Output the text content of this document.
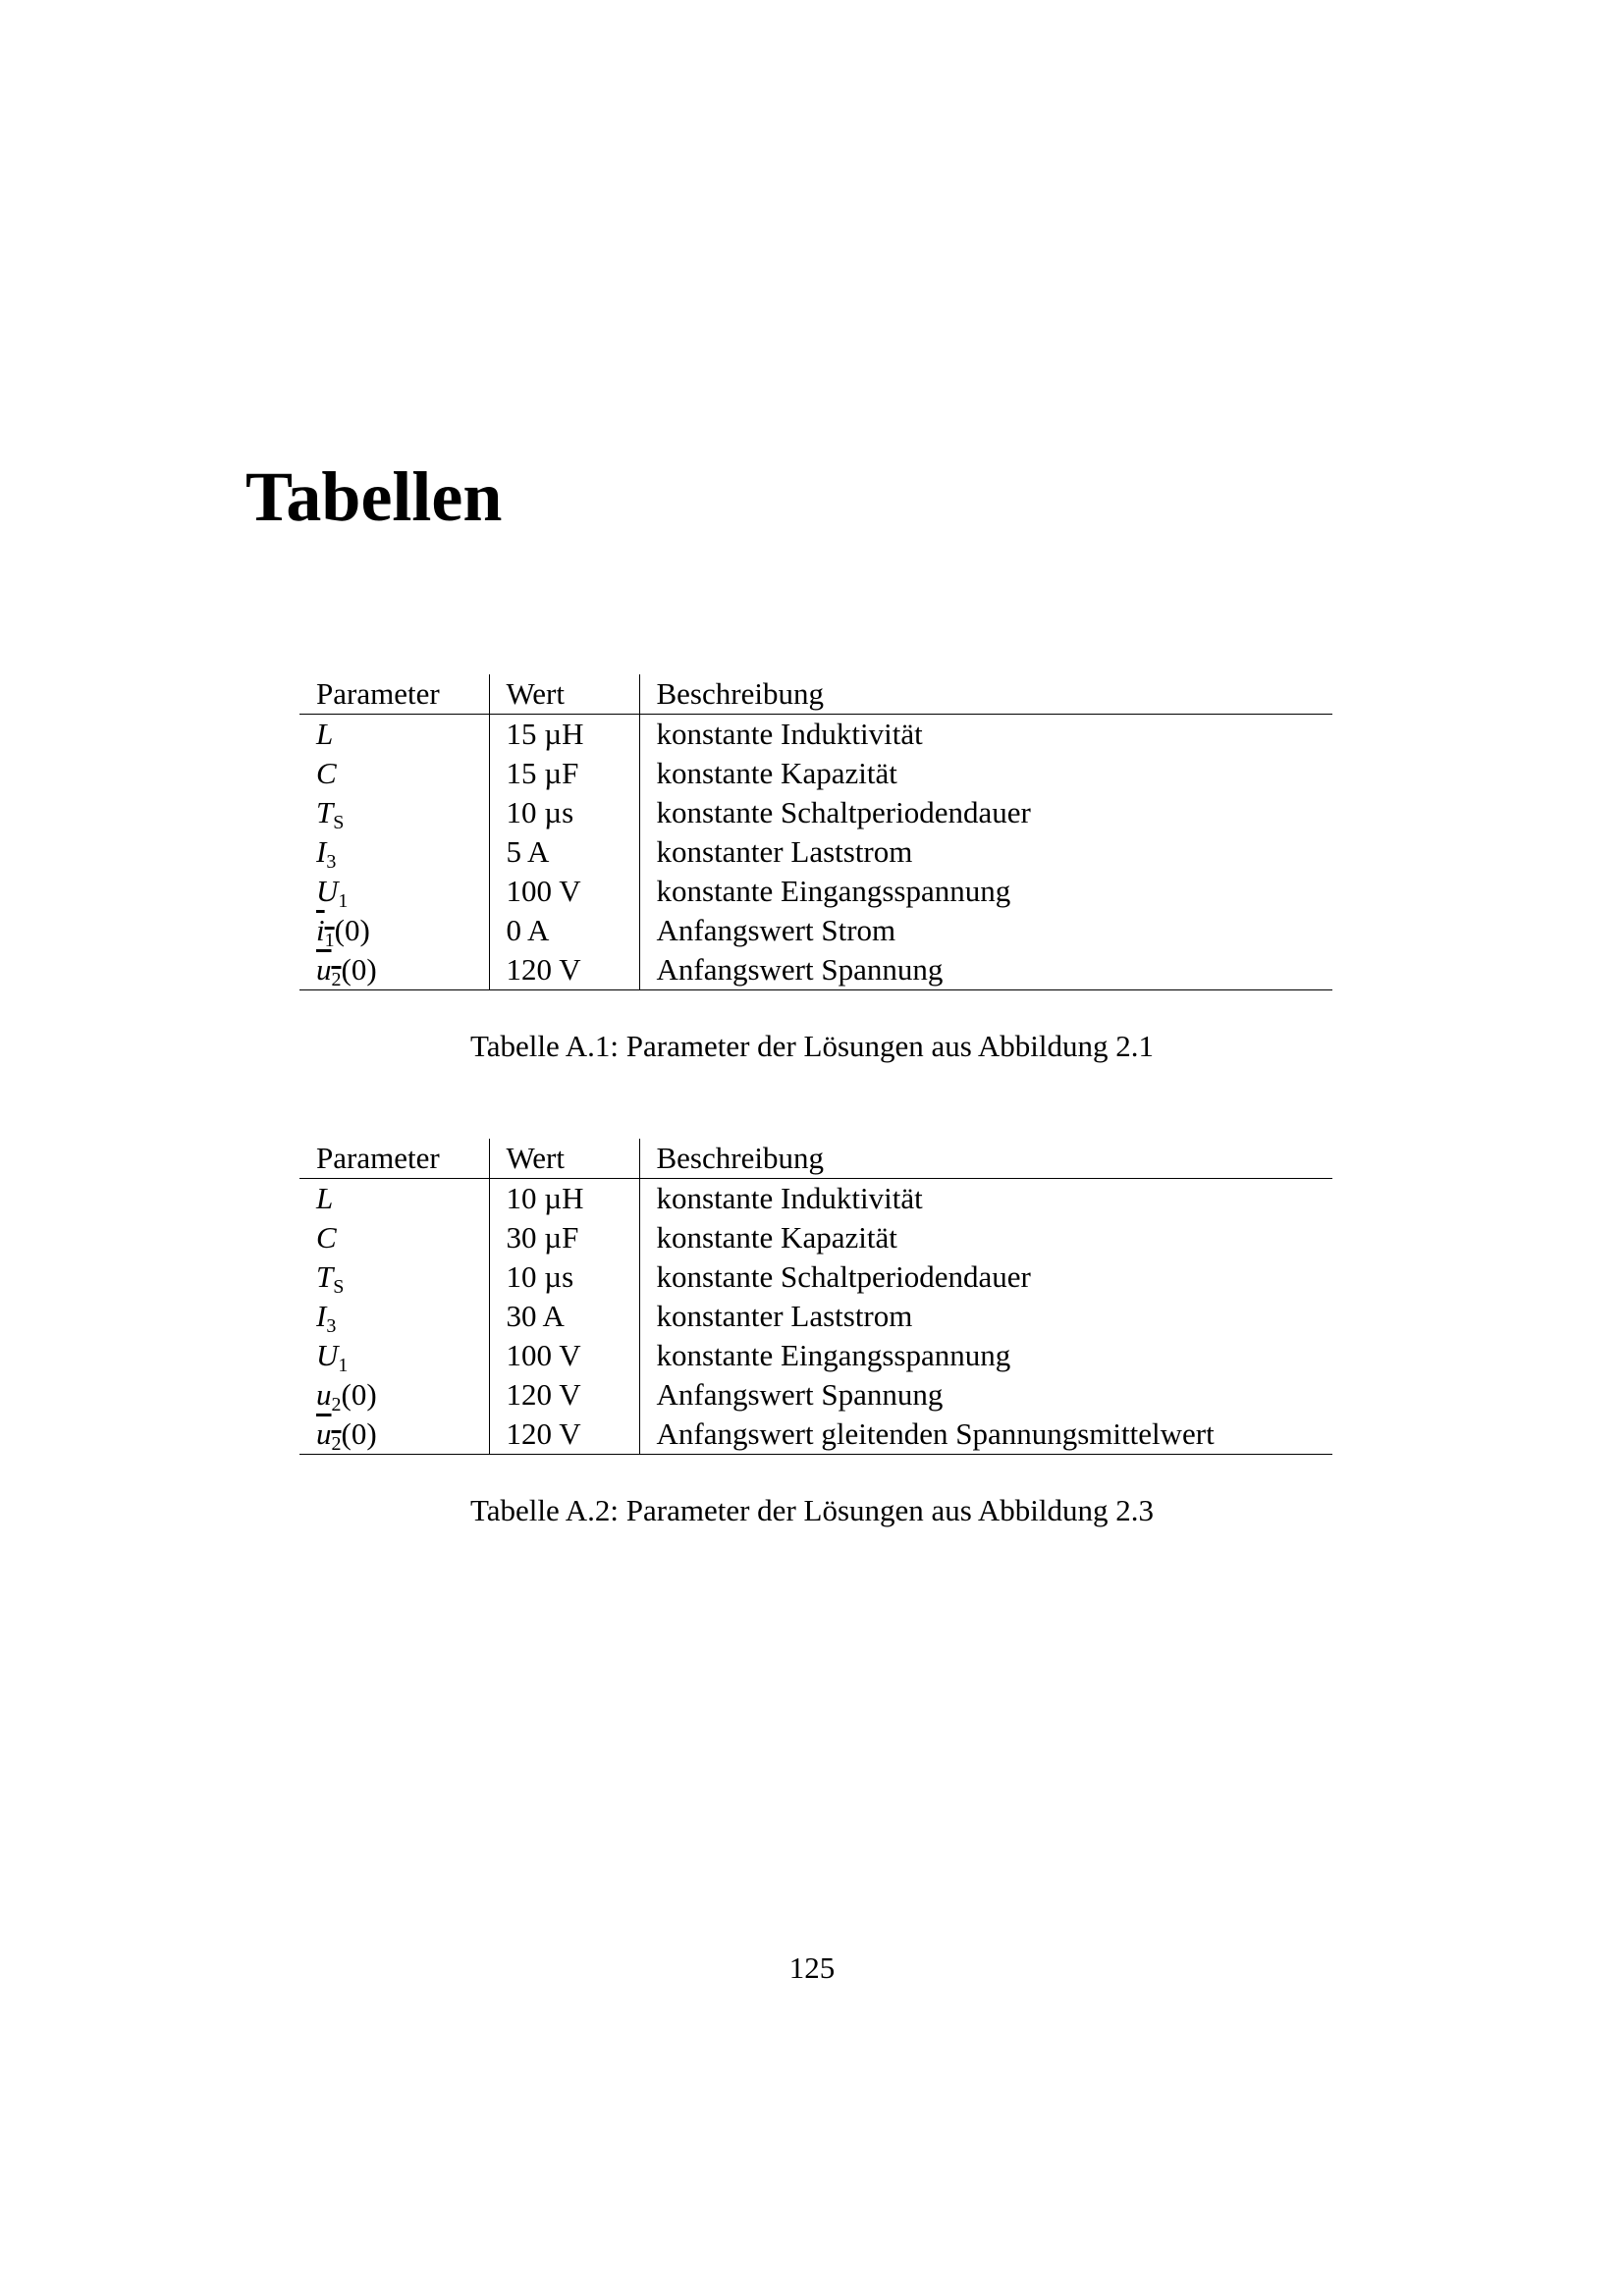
Tabellen
Parameter	Wert	Beschreibung
L	15 µH	konstante Induktivität
C	15 µF	konstante Kapazität
$T_S$	10 µs	konstante Schaltperiodendauer
$I_3$	5 A	konstanter Laststrom
$U_1$	100 V	konstante Eingangsspannung
$i_1(0)$	0 A	Anfangswert Strom
$u_2(0)$	120 V	Anfangswert Spannung
Tabelle A.1: Parameter der Lösungen aus Abbildung 2.1
Parameter	Wert	Beschreibung
L	10 µH	konstante Induktivität
C	30 µF	konstante Kapazität
$T_S$	10 µs	konstante Schaltperiodendauer
$I_3$	30 A	konstanter Laststrom
$U_1$	100 V	konstante Eingangsspannung
$u_2(0)$	120 V	Anfangswert Spannung
$u_2(0)$	120 V	Anfangswert gleitenden Spannungsmittelwert
Tabelle A.2: Parameter der Lösungen aus Abbildung 2.3
125
